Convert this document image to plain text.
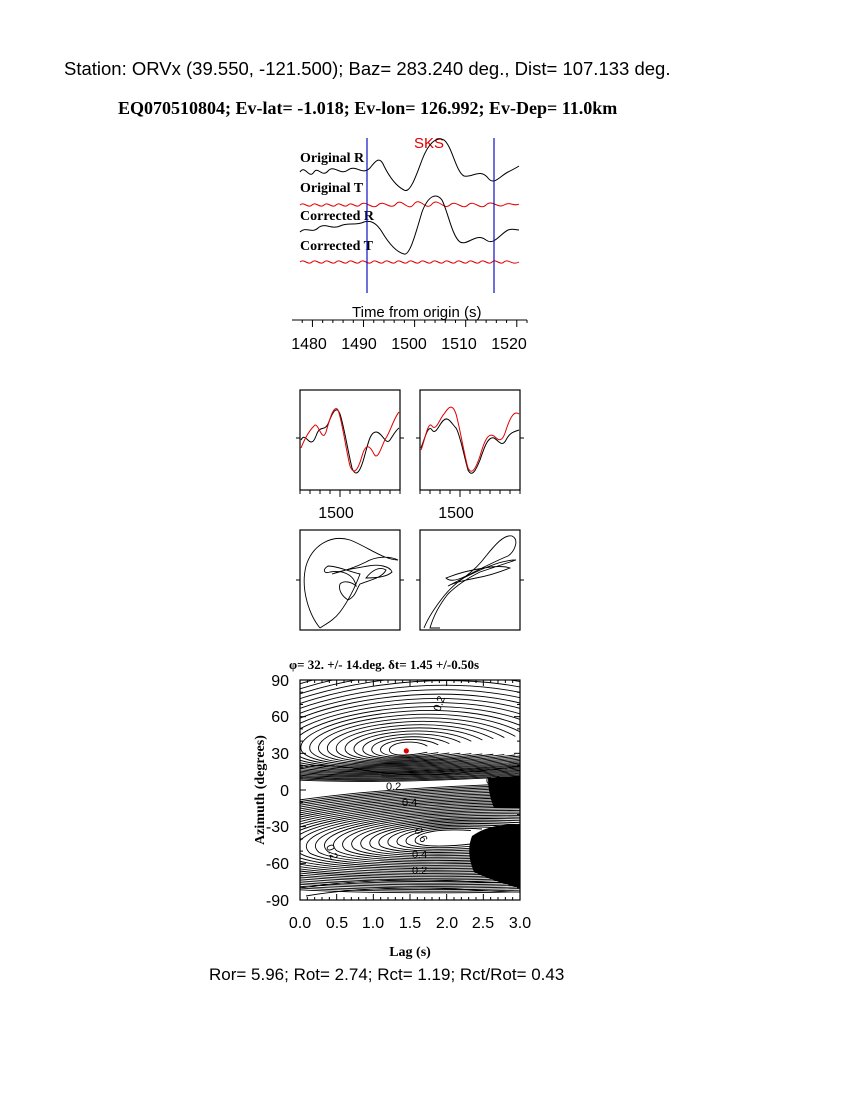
Station: ORVx (39.550, -121.500); Baz= 283.240 deg., Dist= 107.133 deg.
EQ070510804; Ev-lat= -1.018; Ev-lon= 126.992; Ev-Dep= 11.0km
SKS
Original R
Original T
Corrected R
Corrected T
Time from origin (s)
1480 1490 1500 1510 1520
1500	1500
φ= 32. +/- 14.deg. δt= 1.45 +/-0.50s
0.2
0.2
0.4
0.6
0.2
0.4
0.6
0.2	0.4
0.2
90
60
30
0
-30
-60
-90
0.0 0.5 1.0 1.5 2.0 2.5 3.0
Lag (s)
Azimuth (degrees)
Ror= 5.96; Rot= 2.74; Rct= 1.19; Rct/Rot= 0.43
